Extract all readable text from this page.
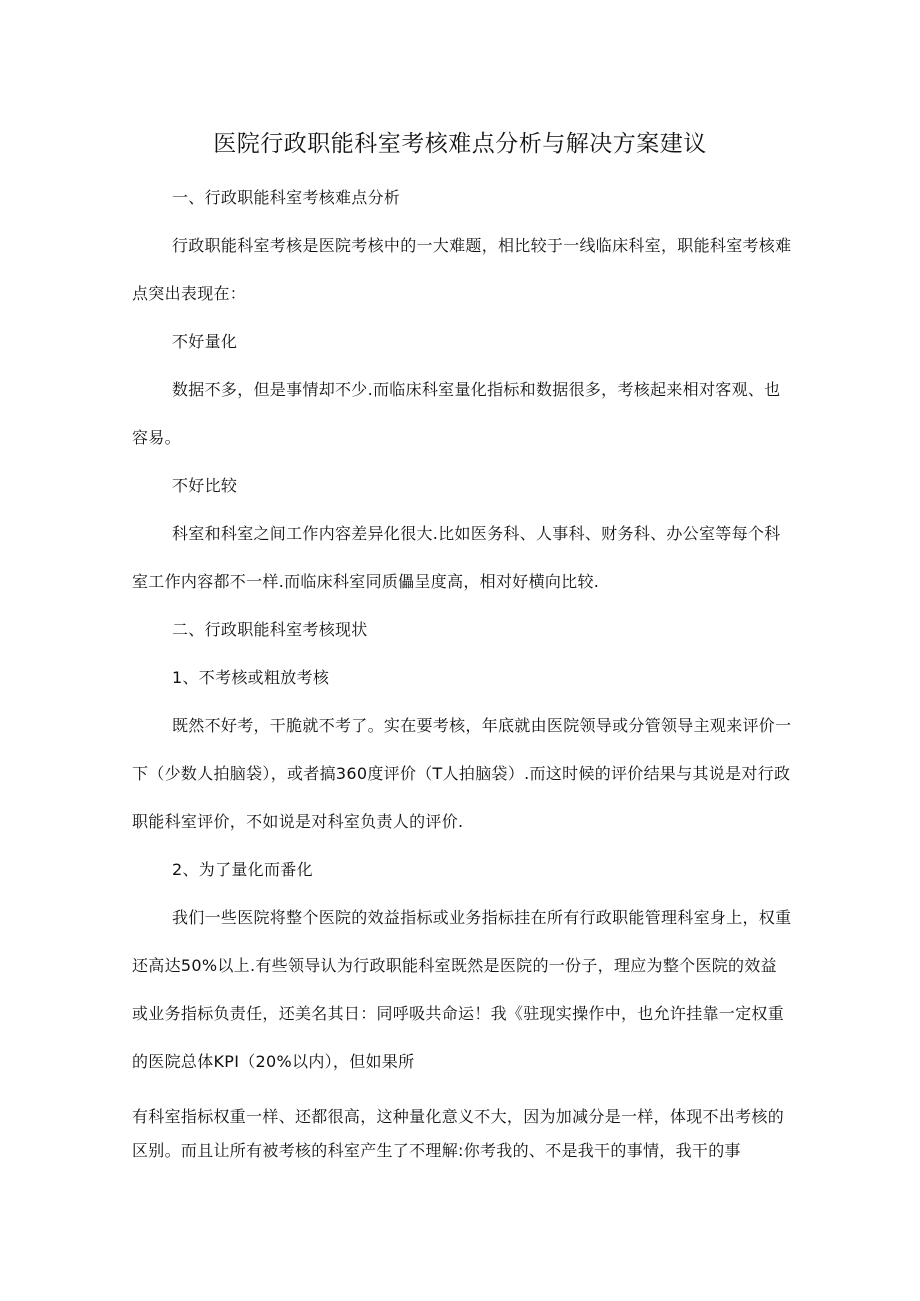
医院行政职能科室考核难点分析与解决方案建议
一、行政职能科室考核难点分析
行政职能科室考核是医院考核中的一大难题，相比较于一线临床科室，职能科室考核难点突出表现在：
不好量化
数据不多，但是事情却不少.而临床科室量化指标和数据很多，考核起来相对客观、也容易。
不好比较
科室和科室之间工作内容差异化很大.比如医务科、人事科、财务科、办公室等每个科室工作内容都不一样.而临床科室同质儡呈度高，相对好横向比较.
二、行政职能科室考核现状
1、不考核或粗放考核
既然不好考，干脆就不考了。实在要考核，年底就由医院领导或分管领导主观来评价一下（少数人拍脑袋），或者搞360度评价（T人拍脑袋）.而这时候的评价结果与其说是对行政职能科室评价，不如说是对科室负责人的评价.
2、为了量化而番化
我们一些医院将整个医院的效益指标或业务指标挂在所有行政职能管理科室身上，权重还高达50%以上.有些领导认为行政职能科室既然是医院的一份子，理应为整个医院的效益或业务指标负责任，还美名其日：同呼吸共命运！我《驻现实操作中，也允许挂靠一定权重的医院总体KPI（20%以内），但如果所
有科室指标权重一样、还都很高，这种量化意义不大，因为加减分是一样，体现不出考核的区别。而且让所有被考核的科室产生了不理解:你考我的、不是我干的事情，我干的事
